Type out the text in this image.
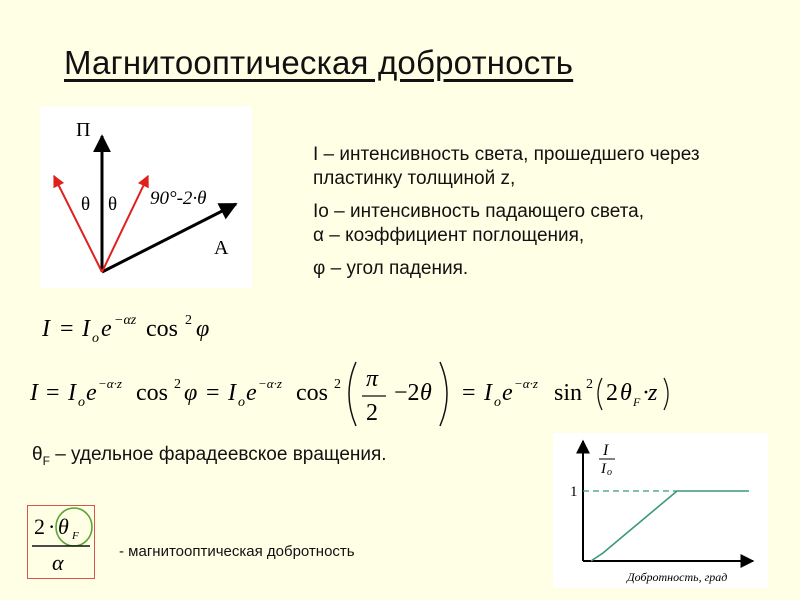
Магнитооптическая добротность
П
А
θ θ 90°-2·θ
I – интенсивность света, прошедшего через пластинку толщиной z,
Io – интенсивность падающего света,
α – коэффициент поглощения,
φ – угол падения.
I = I o e −αz cos 2 φ
I = I o e −α·z cos 2 φ = I o e −α·z cos 2 π
2
−2 θ = I o e −α·z sin 2 2 θ F ·
z
$\theta_F$ – удельное фарадеевское вращения.
2 · θ F
α	- магнитооптическая добротность
I
I o
1
Добротность, град
